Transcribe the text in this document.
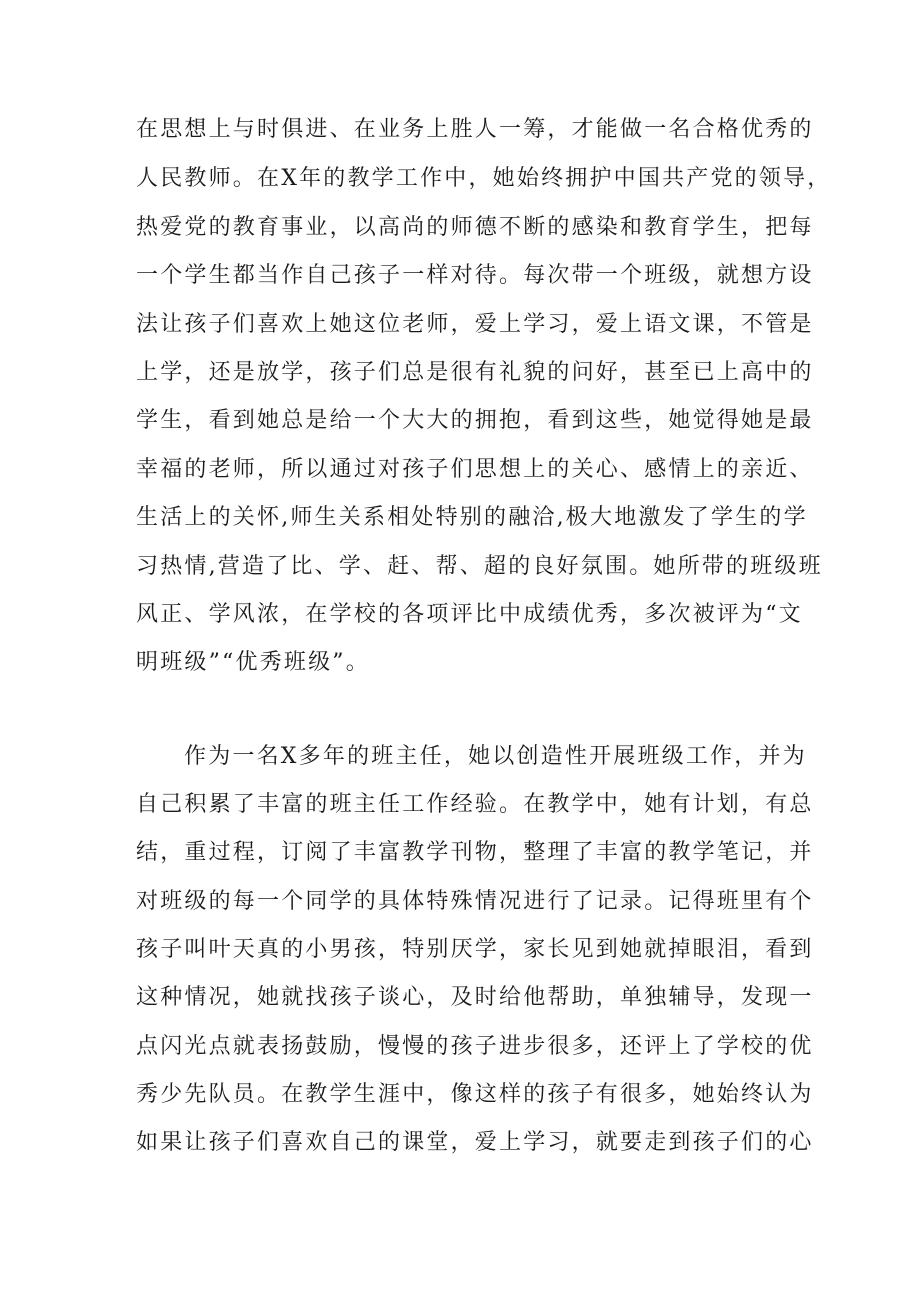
在思想上与时俱进、在业务上胜人一筹，才能做一名合格优秀的
人民教师。在X年的教学工作中，她始终拥护中国共产党的领导，
热爱党的教育事业，以高尚的师德不断的感染和教育学生，把每
一个学生都当作自己孩子一样对待。每次带一个班级，就想方设
法让孩子们喜欢上她这位老师，爱上学习，爱上语文课，不管是
上学，还是放学，孩子们总是很有礼貌的问好，甚至已上高中的
学生，看到她总是给一个大大的拥抱，看到这些，她觉得她是最
幸福的老师，所以通过对孩子们思想上的关心、感情上的亲近、
生活上的关怀,师生关系相处特别的融洽,极大地激发了学生的学
习热情,营造了比、学、赶、帮、超的良好氛围。她所带的班级班
风正、学风浓，在学校的各项评比中成绩优秀，多次被评为“文
明班级”“优秀班级”。
作为一名X多年的班主任，她以创造性开展班级工作，并为
自己积累了丰富的班主任工作经验。在教学中，她有计划，有总
结，重过程，订阅了丰富教学刊物，整理了丰富的教学笔记，并
对班级的每一个同学的具体特殊情况进行了记录。记得班里有个
孩子叫叶天真的小男孩，特别厌学，家长见到她就掉眼泪，看到
这种情况，她就找孩子谈心，及时给他帮助，单独辅导，发现一
点闪光点就表扬鼓励，慢慢的孩子进步很多，还评上了学校的优
秀少先队员。在教学生涯中，像这样的孩子有很多，她始终认为
如果让孩子们喜欢自己的课堂，爱上学习，就要走到孩子们的心
